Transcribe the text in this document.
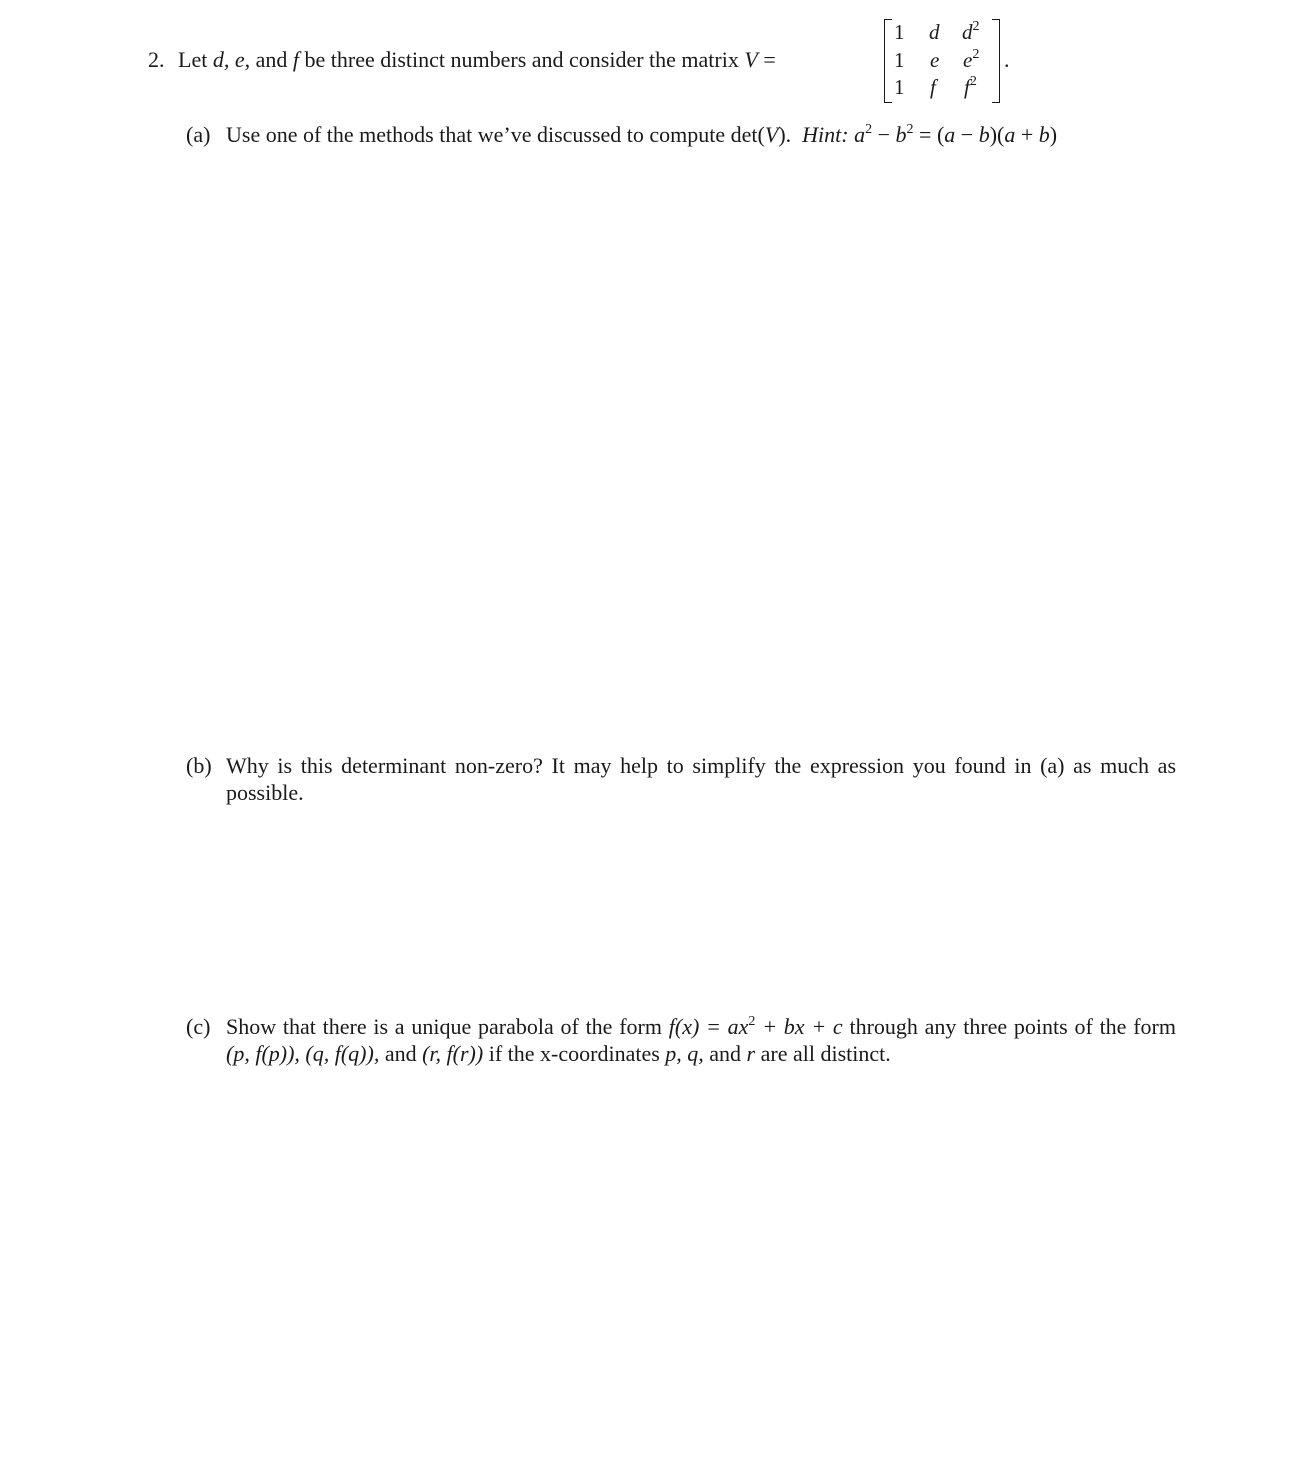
2. Let d, e, and f be three distinct numbers and consider the matrix V =
1 d $d^2$
1 e $e^2$
1 f $f^2$
.
(a) Use one of the methods that we’ve discussed to compute det(V). Hint: $a^2 - b^2 = (a - b)(a + b)$
(b) Why is this determinant non-zero? It may help to simplify the expression you found in (a) as much as possible.
(c) Show that there is a unique parabola of the form $f(x) = ax^2$ + bx + c through any three points of the form (p, f(p)), (q, f(q)), and (r, f(r)) if the x-coordinates p, q, and r are all distinct.
